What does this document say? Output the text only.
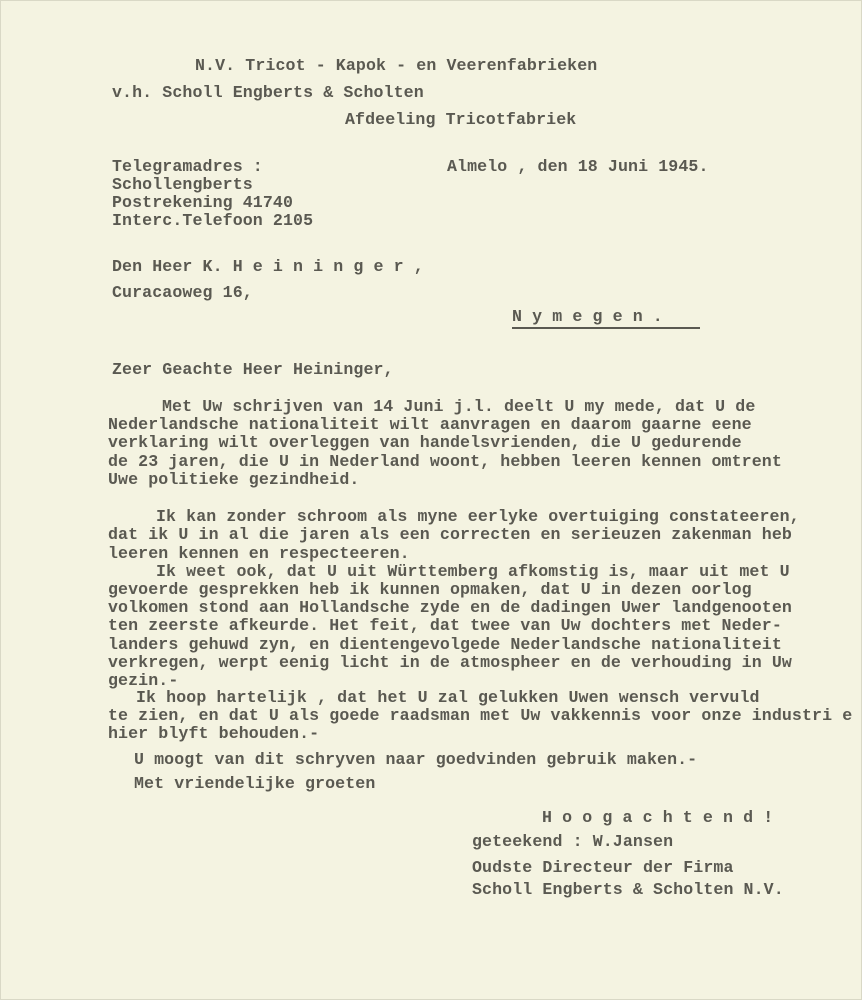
N.V. Tricot - Kapok - en Veerenfabrieken
v.h. Scholl Engberts & Scholten
Afdeeling Tricotfabriek
Telegramadres :	Almelo , den 18 Juni 1945.
Schollengberts
Postrekening 41740
Interc.Telefoon 2105
Den Heer K. H e i n i n g e r ,
Curacaoweg 16,
N y m e g e n .
Zeer Geachte Heer Heininger,
Met Uw schrijven van 14 Juni j.l. deelt U my mede, dat U de
Nederlandsche nationaliteit wilt aanvragen en daarom gaarne eene
verklaring wilt overleggen van handelsvrienden, die U gedurende
de 23 jaren, die U in Nederland woont, hebben leeren kennen omtrent
Uwe politieke gezindheid.
Ik kan zonder schroom als myne eerlyke overtuiging constateeren,
dat ik U in al die jaren als een correcten en serieuzen zakenman heb
leeren kennen en respecteeren.
Ik weet ook, dat U uit Württemberg afkomstig is, maar uit met U
gevoerde gesprekken heb ik kunnen opmaken, dat U in dezen oorlog
volkomen stond aan Hollandsche zyde en de dadingen Uwer landgenooten
ten zeerste afkeurde. Het feit, dat twee van Uw dochters met Neder-
landers gehuwd zyn, en dientengevolgede Nederlandsche nationaliteit
verkregen, werpt eenig licht in de atmospheer en de verhouding in Uw
gezin.-
Ik hoop hartelijk , dat het U zal gelukken Uwen wensch vervuld
te zien, en dat U als goede raadsman met Uw vakkennis voor onze industri e
hier blyft behouden.-
U moogt van dit schryven naar goedvinden gebruik maken.-
Met vriendelijke groeten
H o o g a c h t e n d !
geteekend : W.Jansen
Oudste Directeur der Firma
Scholl Engberts & Scholten N.V.
